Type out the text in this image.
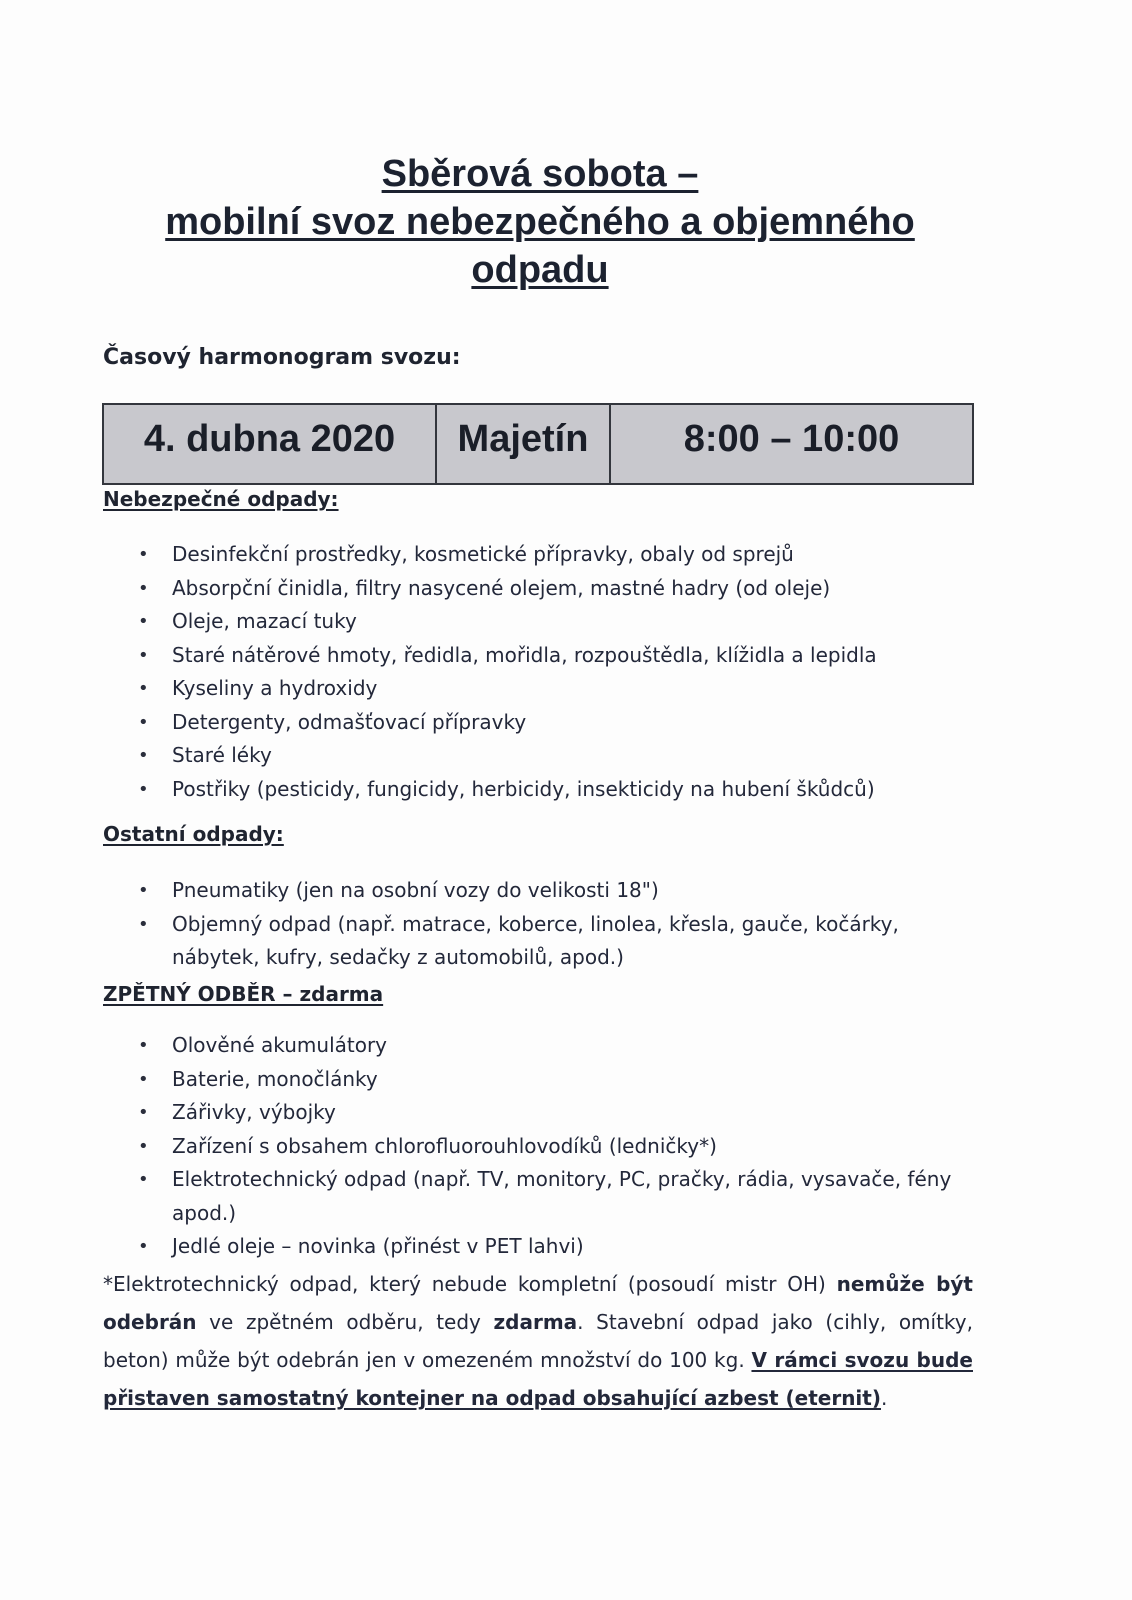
Sběrová sobota –
mobilní svoz nebezpečného a objemného
odpadu
Časový harmonogram svozu:
4. dubna 2020	Majetín	8:00 – 10:00
Nebezpečné odpady:
• Desinfekční prostředky, kosmetické přípravky, obaly od sprejů
• Absorpční činidla, filtry nasycené olejem, mastné hadry (od oleje)
• Oleje, mazací tuky
• Staré nátěrové hmoty, ředidla, mořidla, rozpouštědla, klížidla a lepidla
• Kyseliny a hydroxidy
• Detergenty, odmašťovací přípravky
• Staré léky
• Postřiky (pesticidy, fungicidy, herbicidy, insekticidy na hubení škůdců)
Ostatní odpady:
• Pneumatiky (jen na osobní vozy do velikosti 18")
• Objemný odpad (např. matrace, koberce, linolea, křesla, gauče, kočárky, nábytek, kufry, sedačky z automobilů, apod.)
ZPĚTNÝ ODBĚR – zdarma
• Olověné akumulátory
• Baterie, monočlánky
• Zářivky, výbojky
• Zařízení s obsahem chlorofluorouhlovodíků (ledničky*)
• Elektrotechnický odpad (např. TV, monitory, PC, pračky, rádia, vysavače, fény apod.)
• Jedlé oleje – novinka (přinést v PET lahvi)
*Elektrotechnický odpad, který nebude kompletní (posoudí mistr OH) nemůže být odebrán ve zpětném odběru, tedy zdarma. Stavební odpad jako (cihly, omítky, beton) může být odebrán jen v omezeném množství do 100 kg. V rámci svozu bude přistaven samostatný kontejner na odpad obsahující azbest (eternit).
